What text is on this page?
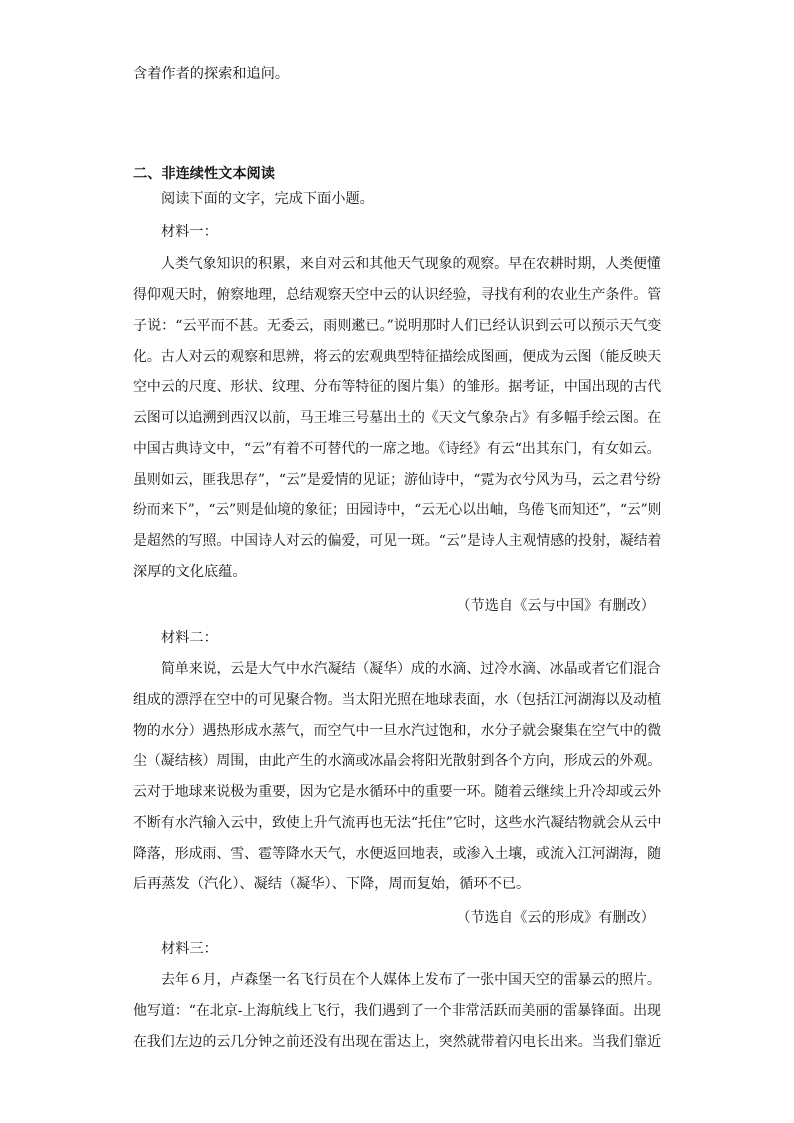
含着作者的探索和追问。
二、非连续性文本阅读
阅读下面的文字，完成下面小题。
材料一：
人类气象知识的积累，来自对云和其他天气现象的观察。早在农耕时期，人类便懂
得仰观天时，俯察地理，总结观察天空中云的认识经验，寻找有利的农业生产条件。管
子说：“云平而不甚。无委云，雨则遬已。”说明那时人们已经认识到云可以预示天气变
化。古人对云的观察和思辨，将云的宏观典型特征描绘成图画，便成为云图（能反映天
空中云的尺度、形状、纹理、分布等特征的图片集）的雏形。据考证，中国出现的古代
云图可以追溯到西汉以前，马王堆三号墓出土的《天文气象杂占》有多幅手绘云图。在
中国古典诗文中，“云”有着不可替代的一席之地。《诗经》有云“出其东门，有女如云。
虽则如云，匪我思存”，“云”是爱情的见证；游仙诗中，“霓为衣兮风为马，云之君兮纷
纷而来下”，“云”则是仙境的象征；田园诗中，“云无心以出岫，鸟倦飞而知还”，“云”则
是超然的写照。中国诗人对云的偏爱，可见一斑。“云”是诗人主观情感的投射，凝结着
深厚的文化底蕴。
（节选自《云与中国》有删改）
材料二：
简单来说，云是大气中水汽凝结（凝华）成的水滴、过冷水滴、冰晶或者它们混合
组成的漂浮在空中的可见聚合物。当太阳光照在地球表面，水（包括江河湖海以及动植
物的水分）遇热形成水蒸气，而空气中一旦水汽过饱和，水分子就会聚集在空气中的微
尘（凝结核）周围，由此产生的水滴或冰晶会将阳光散射到各个方向，形成云的外观。
云对于地球来说极为重要，因为它是水循环中的重要一环。随着云继续上升冷却或云外
不断有水汽输入云中，致使上升气流再也无法“托住”它时，这些水汽凝结物就会从云中
降落，形成雨、雪、雹等降水天气，水便返回地表，或渗入土壤，或流入江河湖海，随
后再蒸发（汽化）、凝结（凝华）、下降，周而复始，循环不已。
（节选自《云的形成》有删改）
材料三：
去年６月，卢森堡一名飞行员在个人媒体上发布了一张中国天空的雷暴云的照片。
他写道：“在北京-上海航线上飞行，我们遇到了一个非常活跃而美丽的雷暴锋面。出现
在我们左边的云几分钟之前还没有出现在雷达上，突然就带着闪电长出来。当我们靠近
